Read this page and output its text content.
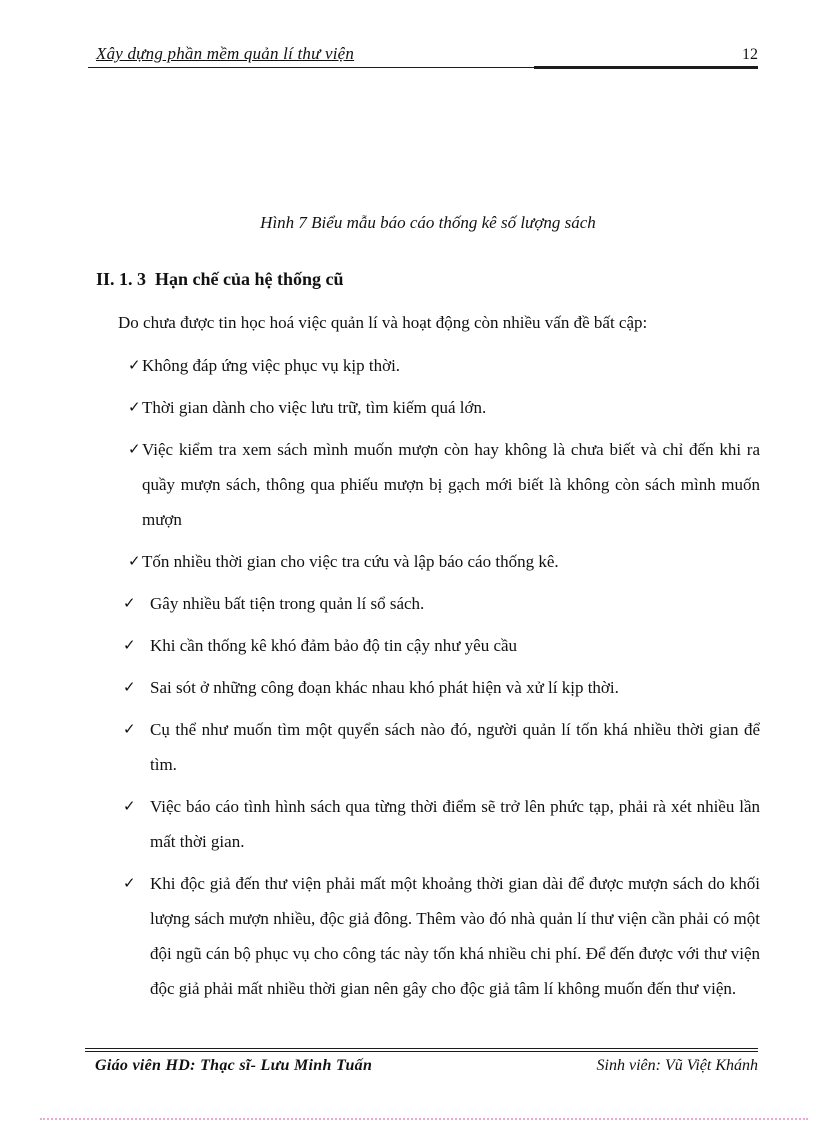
Xây dựng phần mềm quản lí thư viện	12
Hình 7 Biểu mẫu báo cáo thống kê số lượng sách
II. 1. 3  Hạn chế của hệ thống cũ
Do chưa được tin học hoá việc quản lí và hoạt động còn nhiều vấn đề bất cập:
✓ Không đáp ứng việc phục vụ kịp thời.
✓ Thời gian dành cho việc lưu trữ, tìm kiếm quá lớn.
✓ Việc kiểm tra xem sách mình muốn mượn còn hay không là chưa biết và chỉ đến khi ra quầy mượn sách, thông qua phiếu mượn bị gạch mới biết là không còn sách mình muốn mượn
✓ Tốn nhiều thời gian cho việc tra cứu và lập báo cáo thống kê.
✓ Gây nhiều bất tiện trong quản lí sổ sách.
✓ Khi cần thống kê khó đảm bảo độ tin cậy như yêu cầu
✓ Sai sót ở những công đoạn khác nhau khó phát hiện và xử lí kịp thời.
✓ Cụ thể như muốn tìm một quyển sách nào đó, người quản lí tốn khá nhiều thời gian để tìm.
✓ Việc báo cáo tình hình sách qua từng thời điểm sẽ trở lên phức tạp, phải rà xét nhiều lần mất thời gian.
✓ Khi độc giả đến thư viện phải mất một khoảng thời gian dài để được mượn sách do khối lượng sách mượn nhiều, độc giả đông. Thêm vào đó nhà quản lí thư viện cần phải có một đội ngũ cán bộ phục vụ cho công tác này tốn khá nhiều chi phí. Để đến được với thư viện độc giả phải mất nhiều thời gian nên gây cho độc giả tâm lí không muốn đến thư viện.
Giáo viên HD: Thạc sĩ- Lưu Minh Tuấn	Sinh viên: Vũ Việt Khánh
